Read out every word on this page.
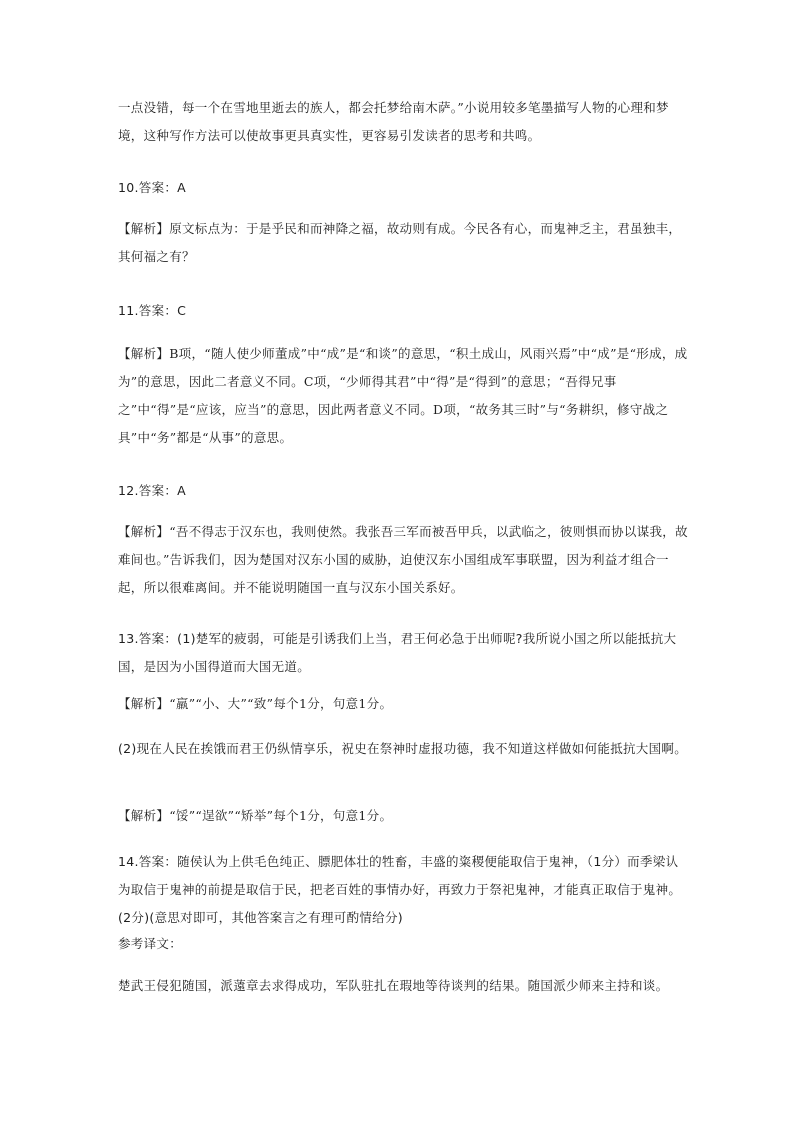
一点没错，每一个在雪地里逝去的族人，都会托梦给南木萨。”小说用较多笔墨描写人物的心理和梦境，这种写作方法可以使故事更具真实性，更容易引发读者的思考和共鸣。
10.答案：A
【解析】原文标点为：于是乎民和而神降之福，故动则有成。今民各有心，而鬼神乏主，君虽独丰，其何福之有？
11.答案：C
【解析】B项，“随人使少师董成”中“成”是“和谈”的意思，“积土成山，风雨兴焉”中“成”是“形成，成为”的意思，因此二者意义不同。C项，“少师得其君”中“得”是“得到”的意思；“吾得兄事之”中“得”是“应该，应当”的意思，因此两者意义不同。D项，“故务其三时”与“务耕织，修守战之具”中“务”都是“从事”的意思。
12.答案：A
【解析】“吾不得志于汉东也，我则使然。我张吾三军而被吾甲兵，以武临之，彼则惧而协以谋我，故难间也。”告诉我们，因为楚国对汉东小国的威胁，迫使汉东小国组成军事联盟，因为利益才组合一起，所以很难离间。并不能说明随国一直与汉东小国关系好。
13.答案：(1)楚军的疲弱，可能是引诱我们上当，君王何必急于出师呢?我所说小国之所以能抵抗大国，是因为小国得道而大国无道。
【解析】“羸”“小、大”“致”每个1分，句意1分。
(2)现在人民在挨饿而君王仍纵情享乐，祝史在祭神时虚报功德，我不知道这样做如何能抵抗大国啊。
【解析】“馁”“逞欲”“矫举”每个1分，句意1分。
14.答案：随侯认为上供毛色纯正、膘肥体壮的牲畜，丰盛的粢稷便能取信于鬼神，（1分）而季梁认为取信于鬼神的前提是取信于民，把老百姓的事情办好，再致力于祭祀鬼神，才能真正取信于鬼神。(2分)(意思对即可，其他答案言之有理可酌情给分)
参考译文：
楚武王侵犯随国，派薳章去求得成功，军队驻扎在瑕地等待谈判的结果。随国派少师来主持和谈。
